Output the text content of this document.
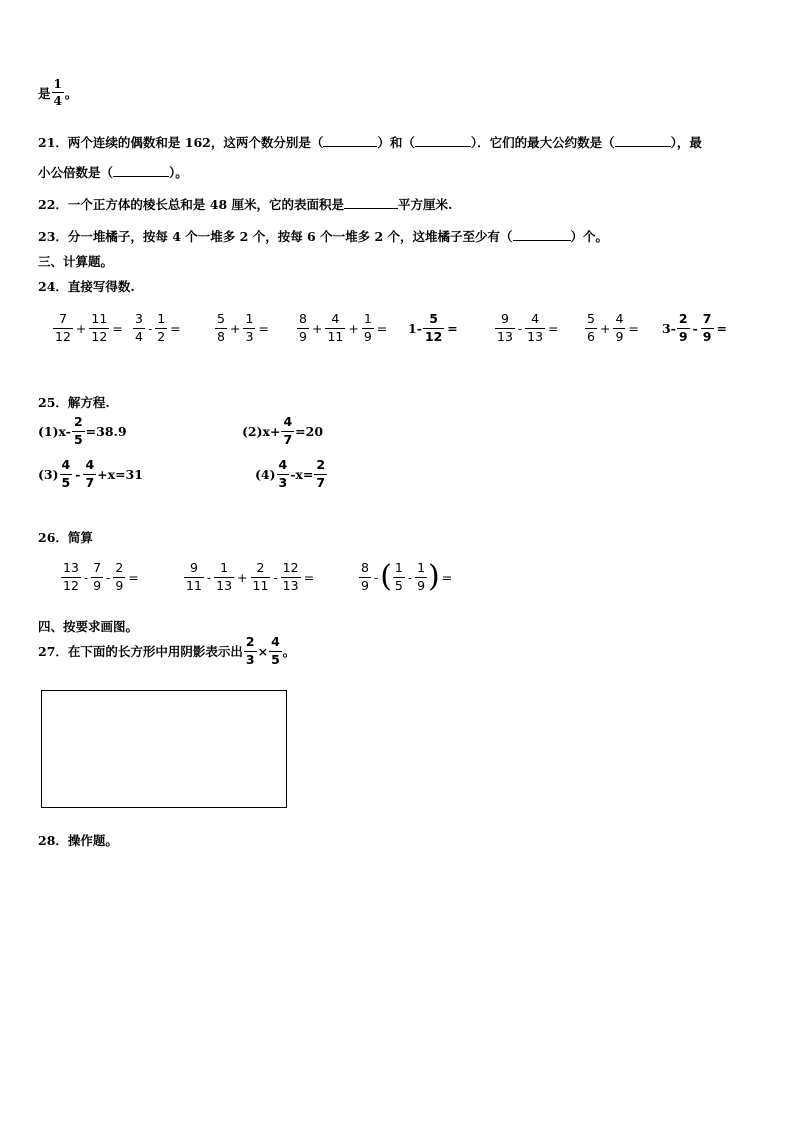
是 $\frac{1}{4}$ 。
21．两个连续的偶数和是 162，这两个数分别是（	）和（	）．它们的最大公约数是（	），最
小公倍数是（	）。
22．一个正方体的棱长总和是 48 厘米，它的表面积是	平方厘米.
23．分一堆橘子，按每 4 个一堆多 2 个，按每 6 个一堆多 2 个，这堆橘子至少有（	）个。
三、计算题。
24．直接写得数.
$\frac{7}{12} + \frac{11}{12} = \frac{3}{4} - \frac{1}{2}$ =	$\frac{5}{8} + \frac{1}{3} = \frac{8}{9} + \frac{4}{11} + \frac{1}{9} = 1- \frac{5}{12}$ =	$\frac{9}{13} - \frac{4}{13} = \frac{5}{6} + \frac{4}{9} = 3- \frac{2}{9} - \frac{7}{9}$ =
25．解方程.
$(1)x- \frac{2}{5} =38.9$	$(2)x+ \frac{4}{7} =20$
$(3) \frac{4}{5} - \frac{4}{7} +x=31$	$(4) \frac{4}{3} -x= \frac{2}{7}$
26．简算
$\frac{13}{12} - \frac{7}{9} - \frac{2}{9}$ =	$\frac{9}{11} - \frac{1}{13} + \frac{2}{11} - \frac{12}{13}$ =	$\frac{8}{9}$ - ( $\frac{1}{5} - \frac{1}{9}$ ) =
四、按要求画图。
27．在下面的长方形中用阴影表示出 $\frac{2}{3} \times \frac{4}{5}$ 。
28．操作题。
